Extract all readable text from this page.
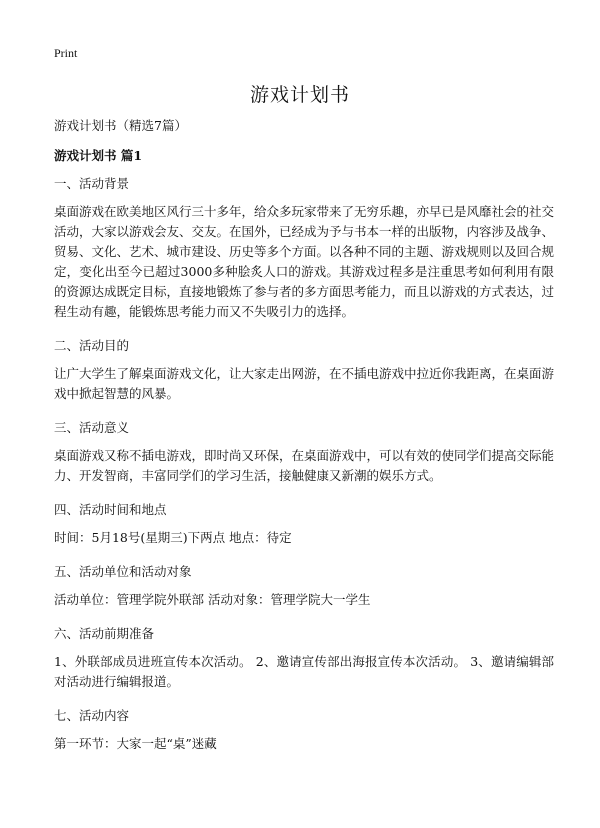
Print
游戏计划书
游戏计划书（精选7篇）
游戏计划书 篇1
一、活动背景
桌面游戏在欧美地区风行三十多年，给众多玩家带来了无穷乐趣，亦早已是风靡社会的社交活动，大家以游戏会友、交友。在国外，已经成为予与书本一样的出版物，内容涉及战争、贸易、文化、艺术、城市建设、历史等多个方面。以各种不同的主题、游戏规则以及回合规定，变化出至今已超过3000多种脍炙人口的游戏。其游戏过程多是注重思考如何利用有限的资源达成既定目标，直接地锻炼了参与者的多方面思考能力，而且以游戏的方式表达，过程生动有趣，能锻炼思考能力而又不失吸引力的选择。
二、活动目的
让广大学生了解桌面游戏文化，让大家走出网游，在不插电游戏中拉近你我距离，在桌面游戏中掀起智慧的风暴。
三、活动意义
桌面游戏又称不插电游戏，即时尚又环保，在桌面游戏中，可以有效的使同学们提高交际能力、开发智商，丰富同学们的学习生活，接触健康又新潮的娱乐方式。
四、活动时间和地点
时间：5月18号(星期三)下两点 地点：待定
五、活动单位和活动对象
活动单位：管理学院外联部 活动对象：管理学院大一学生
六、活动前期准备
1、外联部成员进班宣传本次活动。 2、邀请宣传部出海报宣传本次活动。 3、邀请编辑部对活动进行编辑报道。
七、活动内容
第一环节：大家一起“桌”迷藏
